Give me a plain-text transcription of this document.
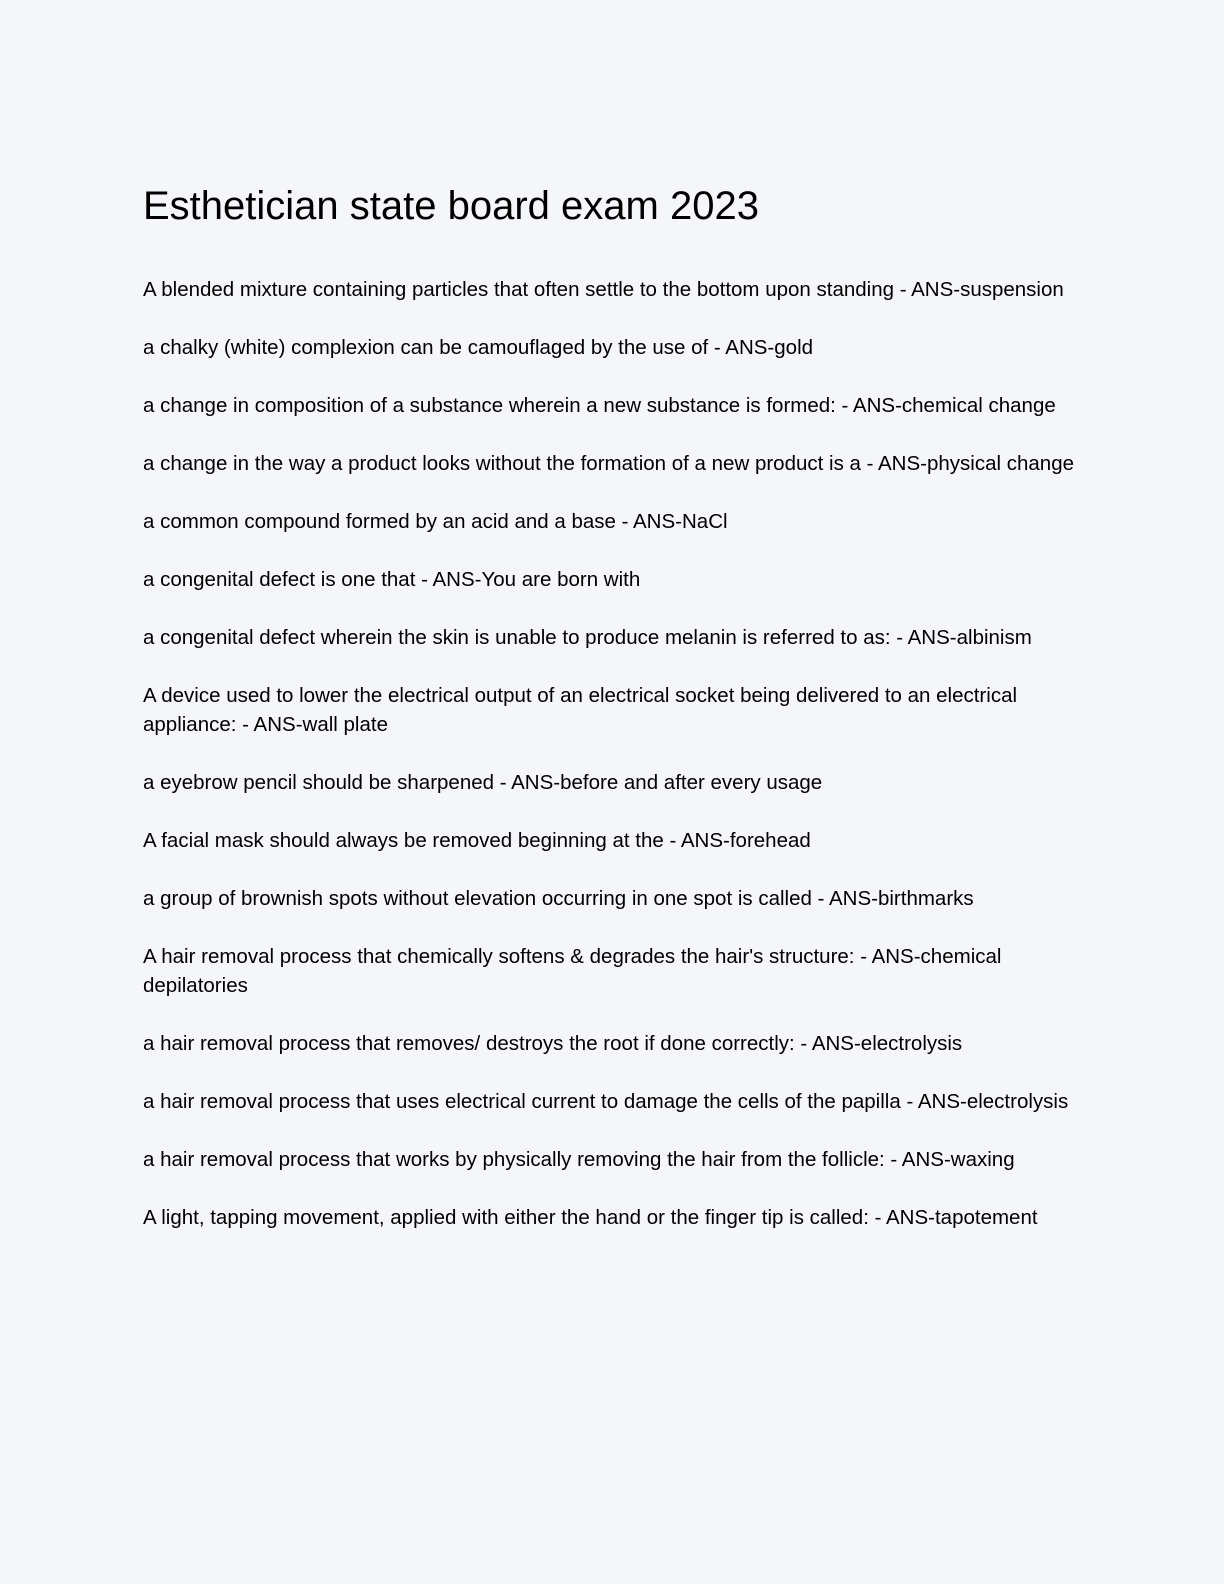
Esthetician state board exam 2023
A blended mixture containing particles that often settle to the bottom upon standing - ANS-suspension
a chalky (white) complexion can be camouflaged by the use of - ANS-gold
a change in composition of a substance wherein a new substance is formed: - ANS-chemical change
a change in the way a product looks without the formation of a new product is a - ANS-physical change
a common compound formed by an acid and a base - ANS-NaCl
a congenital defect is one that - ANS-You are born with
a congenital defect wherein the skin is unable to produce melanin is referred to as: - ANS-albinism
A device used to lower the electrical output of an electrical socket being delivered to an electrical appliance: - ANS-wall plate
a eyebrow pencil should be sharpened - ANS-before and after every usage
A facial mask should always be removed beginning at the - ANS-forehead
a group of brownish spots without elevation occurring in one spot is called - ANS-birthmarks
A hair removal process that chemically softens & degrades the hair's structure: - ANS-chemical depilatories
a hair removal process that removes/ destroys the root if done correctly: - ANS-electrolysis
a hair removal process that uses electrical current to damage the cells of the papilla - ANS-electrolysis
a hair removal process that works by physically removing the hair from the follicle: - ANS-waxing
A light, tapping movement, applied with either the hand or the finger tip is called: - ANS-tapotement
